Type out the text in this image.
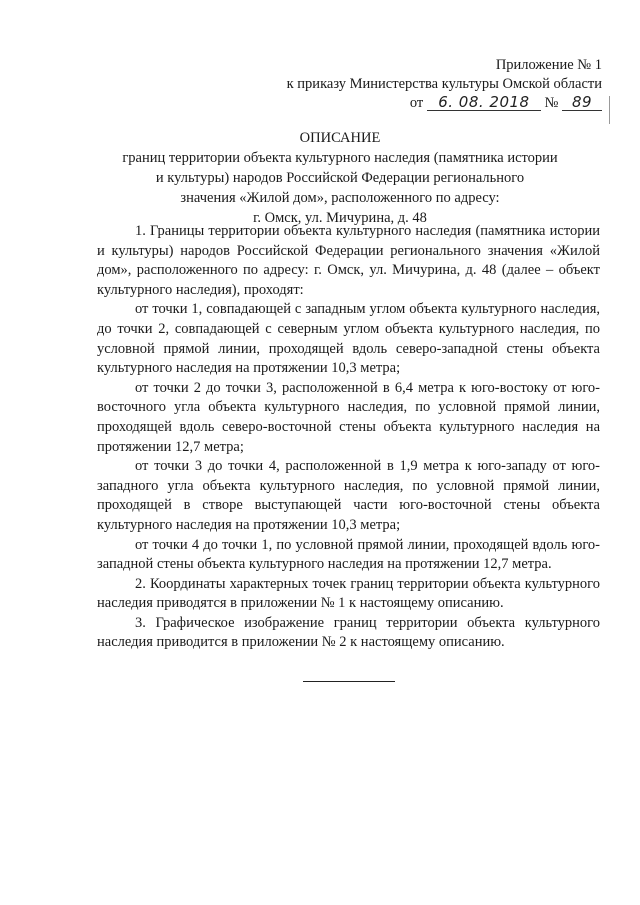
Приложение № 1
к приказу Министерства культуры Омской области
от 6. 08. 2018 № 89
ОПИСАНИЕ
границ территории объекта культурного наследия (памятника истории
и культуры) народов Российской Федерации регионального
значения «Жилой дом», расположенного по адресу:
г. Омск, ул. Мичурина, д. 48

1. Границы территории объекта культурного наследия (памятника истории и культуры) народов Российской Федерации регионального значения «Жилой дом», расположенного по адресу: г. Омск, ул. Мичурина, д. 48 (далее – объект культурного наследия), проходят:

от точки 1, совпадающей с западным углом объекта культурного наследия, до точки 2, совпадающей с северным углом объекта культурного наследия, по условной прямой линии, проходящей вдоль северо-западной стены объекта культурного наследия на протяжении 10,3 метра;

от точки 2 до точки 3, расположенной в 6,4 метра к юго-востоку от юго-восточного угла объекта культурного наследия, по условной прямой линии, проходящей вдоль северо-восточной стены объекта культурного наследия на протяжении 12,7 метра;

от точки 3 до точки 4, расположенной в 1,9 метра к юго-западу от юго-западного угла объекта культурного наследия, по условной прямой линии, проходящей в створе выступающей части юго-восточной стены объекта культурного наследия на протяжении 10,3 метра;

от точки 4 до точки 1, по условной прямой линии, проходящей вдоль юго-западной стены объекта культурного наследия на протяжении 12,7 метра.

2. Координаты характерных точек границ территории объекта культурного наследия приводятся в приложении № 1 к настоящему описанию.

3. Графическое изображение границ территории объекта культурного наследия приводится в приложении № 2 к настоящему описанию.
